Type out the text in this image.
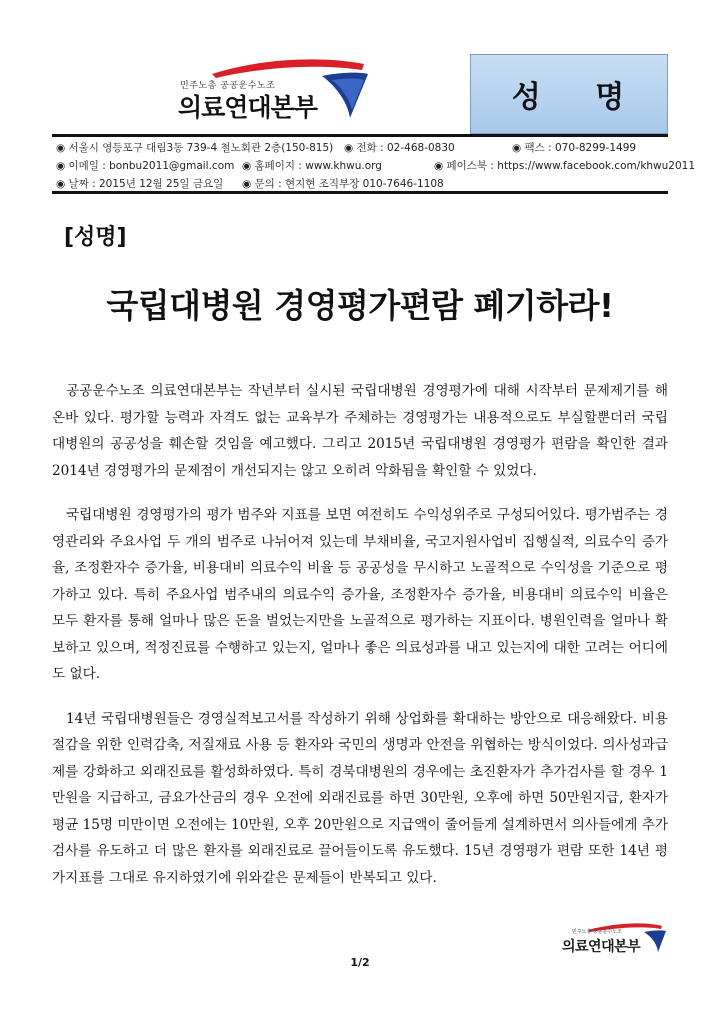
민주노총 공공운수노조
의료연대본부	성 명
◉ 서울시 영등포구 대림3동 739-4 철노회관 2층(150-815)	◉ 전화 : 02-468-0830	◉ 팩스 : 070-8299-1499
◉ 이메일 : bonbu2011@gmail.com	◉ 홈페이지 : www.khwu.org	◉ 페이스북 : https://www.facebook.com/khwu2011
◉ 날짜 : 2015년 12월 25일 금요일	◉ 문의 : 현지현 조직부장 010-7646-1108
[성명]
국립대병원 경영평가편람 폐기하라!

공공운수노조 의료연대본부는 작년부터 실시된 국립대병원 경영평가에 대해 시작부터 문제제기를 해 온바 있다. 평가할 능력과 자격도 없는 교육부가 주체하는 경영평가는 내용적으로도 부실할뿐더러 국립대병원의 공공성을 훼손할 것임을 예고했다. 그리고 2015년 국립대병원 경영평가 편람을 확인한 결과 2014년 경영평가의 문제점이 개선되지는 않고 오히려 악화됨을 확인할 수 있었다.

국립대병원 경영평가의 평가 범주와 지표를 보면 여전히도 수익성위주로 구성되어있다. 평가범주는 경영관리와 주요사업 두 개의 범주로 나뉘어져 있는데 부채비율, 국고지원사업비 집행실적, 의료수익 증가율, 조정환자수 증가율, 비용대비 의료수익 비율 등 공공성을 무시하고 노골적으로 수익성을 기준으로 평가하고 있다. 특히 주요사업 범주내의 의료수익 증가율, 조정환자수 증가율, 비용대비 의료수익 비율은 모두 환자를 통해 얼마나 많은 돈을 벌었는지만을 노골적으로 평가하는 지표이다. 병원인력을 얼마나 확보하고 있으며, 적정진료를 수행하고 있는지, 얼마나 좋은 의료성과를 내고 있는지에 대한 고려는 어디에도 없다.

14년 국립대병원들은 경영실적보고서를 작성하기 위해 상업화를 확대하는 방안으로 대응해왔다. 비용절감을 위한 인력감축, 저질재료 사용 등 환자와 국민의 생명과 안전을 위협하는 방식이었다. 의사성과급제를 강화하고 외래진료를 활성화하였다. 특히 경북대병원의 경우에는 초진환자가 추가검사를 할 경우 1만원을 지급하고, 금요가산금의 경우 오전에 외래진료를 하면 30만원, 오후에 하면 50만원지급, 환자가 평균 15명 미만이면 오전에는 10만원, 오후 20만원으로 지급액이 줄어들게 설계하면서 의사들에게 추가검사를 유도하고 더 많은 환자를 외래진료로 끌어들이도록 유도했다. 15년 경영평가 편람 또한 14년 평가지표를 그대로 유지하였기에 위와같은 문제들이 반복되고 있다.

민주노총 공공운수노조
의료연대본부
1/2
